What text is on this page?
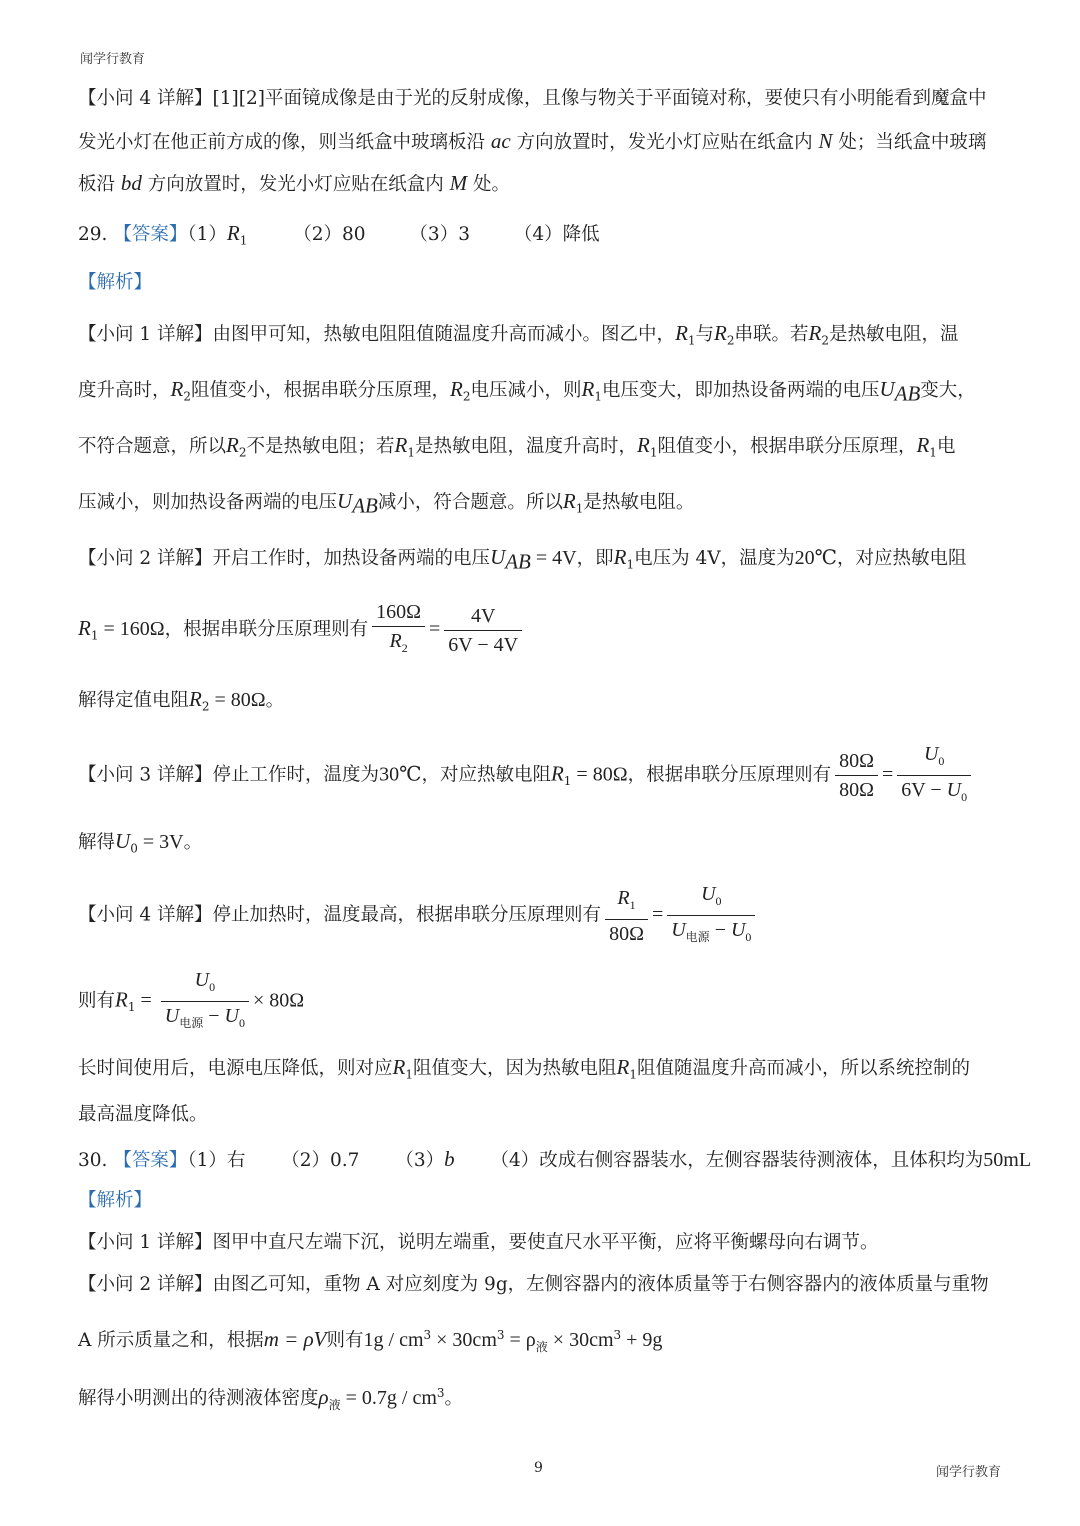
闻学行教育
【小问 4 详解】[1][2]平面镜成像是由于光的反射成像，且像与物关于平面镜对称，要使只有小明能看到魔盒中
发光小灯在他正前方成的像，则当纸盒中玻璃板沿 ac 方向放置时，发光小灯应贴在纸盒内 N 处；当纸盒中玻璃
板沿 bd 方向放置时，发光小灯应贴在纸盒内 M 处。
29. 【答案】$(1)R_1$ （2）80 （3）3 （4）降低
【解析】
【小问 1 详解】由图甲可知，热敏电阻阻值随温度升高而减小。图乙中，$R_1$与$R_2$串联。若$R_2$是热敏电阻，温
度升高时，$R_2$阻值变小，根据串联分压原理，$R_2$电压减小，则$R_1$电压变大，即加热设备两端的电压$U_{AB}$变大，
不符合题意，所以$R_2$不是热敏电阻；若$R_1$是热敏电阻，温度升高时，$R_1$阻值变小，根据串联分压原理，$R_1$电
压减小，则加热设备两端的电压$U_{AB}$减小，符合题意。所以$R_1$是热敏电阻。
【小问 2 详解】开启工作时，加热设备两端的电压$U_{AB} = 4V$，即$R_1$电压为 4V，温度为20℃，对应热敏电阻
$R_1 = 160\Omega$，根据串联分压原理则有 $\frac{160\Omega}{R_2} = \frac{4V}{6V - 4V}$
解得定值电阻$R_2 = 80\Omega$。
【小问 3 详解】停止工作时，温度为30℃，对应热敏电阻$R_1 = 80\Omega$，根据串联分压原理则有 $\frac{80\Omega}{80\Omega} = \frac{U_0}{6V - U_0}$
解得$U_0 = 3V$。
【小问 4 详解】停止加热时，温度最高，根据串联分压原理则有 $\frac{R_1}{80\Omega} = \frac{U_0}{U_{电源} - U_0}$
则有$R_1 = \frac{U_0}{U_{电源} - U_0} \times 80\Omega$
长时间使用后，电源电压降低，则对应$R_1$阻值变大，因为热敏电阻$R_1$阻值随温度升高而减小，所以系统控制的
最高温度降低。
30. 【答案】（1）右 （2）0.7 （3）b （4）改成右侧容器装水，左侧容器装待测液体，且体积均为50mL
【解析】
【小问 1 详解】图甲中直尺左端下沉，说明左端重，要使直尺水平平衡，应将平衡螺母向右调节。
【小问 2 详解】由图乙可知，重物 A 对应刻度为 9g，左侧容器内的液体质量等于右侧容器内的液体质量与重物
A 所示质量之和，根据m = ρV则有$1g / cm^3 \times 30cm^3 = \rho_液 \times 30cm^3 + 9g$
解得小明测出的待测液体密度$\rho_液 = 0.7g / cm^3$。
9	闻学行教育
